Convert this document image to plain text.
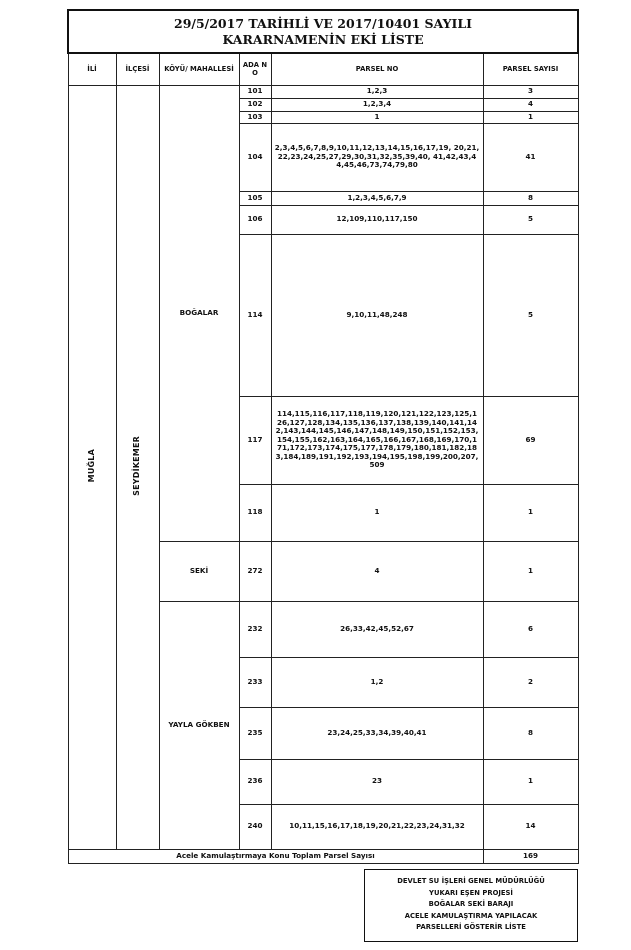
29/5/2017 TARİHLİ VE 2017/10401 SAYILI
KARARNAMENİN EKİ LİSTE					

İLİ	İLÇESİ	KÖYÜ/ MAHALLESİ	ADA NO	PARSEL NO	PARSEL SAYISI
MUĞLA	SEYDİKEMER	BOĞALAR	101	1,2,3	3
			102	1,2,3,4	4
			103	1	1
			104	2,3,4,5,6,7,8,9,10,11,12,13,14,15,16,17,19, 20,21,22,23,24,25,27,29,30,31,32,35,39,40, 41,42,43,44,45,46,73,74,79,80	41
			105	1,2,3,4,5,6,7,9	8
			106	12,109,110,117,150	5
			114	9,10,11,48,248	5
			117	114,115,116,117,118,119,120,121,122,123,125,126,127,128,134,135,136,137,138,139,140,141,142,143,144,145,146,147,148,149,150,151,152,153,154,155,162,163,164,165,166,167,168,169,170,171,172,173,174,175,177,178,179,180,181,182,183,184,189,191,192,193,194,195,198,199,200,207,509	69
			118	1	1
		SEKİ	272	4	1
		YAYLA GÖKBEN	232	26,33,42,45,52,67	6
			233	1,2	2
			235	23,24,25,33,34,39,40,41	8
			236	23	1
			240	10,11,15,16,17,18,19,20,21,22,23,24,31,32	14
Acele Kamulaştırmaya Konu Toplam Parsel Sayısı					169
DEVLET SU İŞLERİ GENEL MÜDÜRLÜĞÜ
YUKARI EŞEN PROJESİ
BOĞALAR SEKİ BARAJI
ACELE KAMULAŞTIRMA YAPILACAK
PARSELLERİ GÖSTERİR LİSTE
